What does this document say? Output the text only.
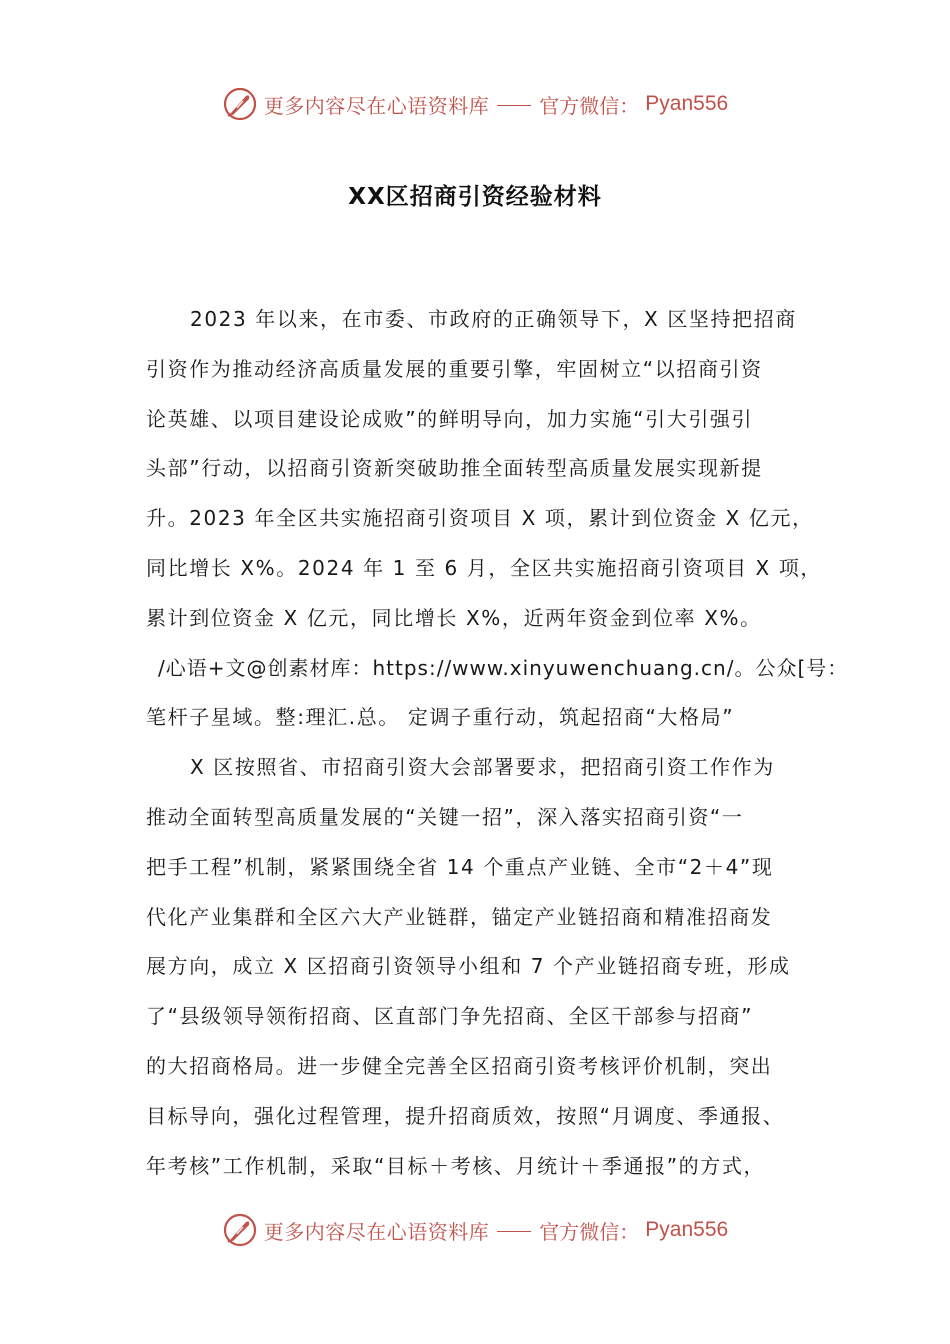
更多内容尽在心语资料库	官方微信： Pyan556
XX区招商引资经验材料
2023 年以来，在市委、市政府的正确领导下，X 区坚持把招商
引资作为推动经济高质量发展的重要引擎，牢固树立“以招商引资
论英雄、以项目建设论成败”的鲜明导向，加力实施“引大引强引
头部”行动，以招商引资新突破助推全面转型高质量发展实现新提
升。2023 年全区共实施招商引资项目 X 项，累计到位资金 X 亿元，
同比增长 X%。2024 年 1 至 6 月，全区共实施招商引资项目 X 项，
累计到位资金 X 亿元，同比增长 X%，近两年资金到位率 X%。
/心语+文@创素材库：https://www.xinyuwenchuang.cn/。公众[号：
笔杆子星域。整:理汇.总。 定调子重行动，筑起招商“大格局”
X 区按照省、市招商引资大会部署要求，把招商引资工作作为
推动全面转型高质量发展的“关键一招”，深入落实招商引资“一
把手工程”机制，紧紧围绕全省 14 个重点产业链、全市“2＋4”现
代化产业集群和全区六大产业链群，锚定产业链招商和精准招商发
展方向，成立 X 区招商引资领导小组和 7 个产业链招商专班，形成
了“县级领导领衔招商、区直部门争先招商、全区干部参与招商”
的大招商格局。进一步健全完善全区招商引资考核评价机制，突出
目标导向，强化过程管理，提升招商质效，按照“月调度、季通报、
年考核”工作机制，采取“目标＋考核、月统计＋季通报”的方式，
更多内容尽在心语资料库	官方微信： Pyan556
